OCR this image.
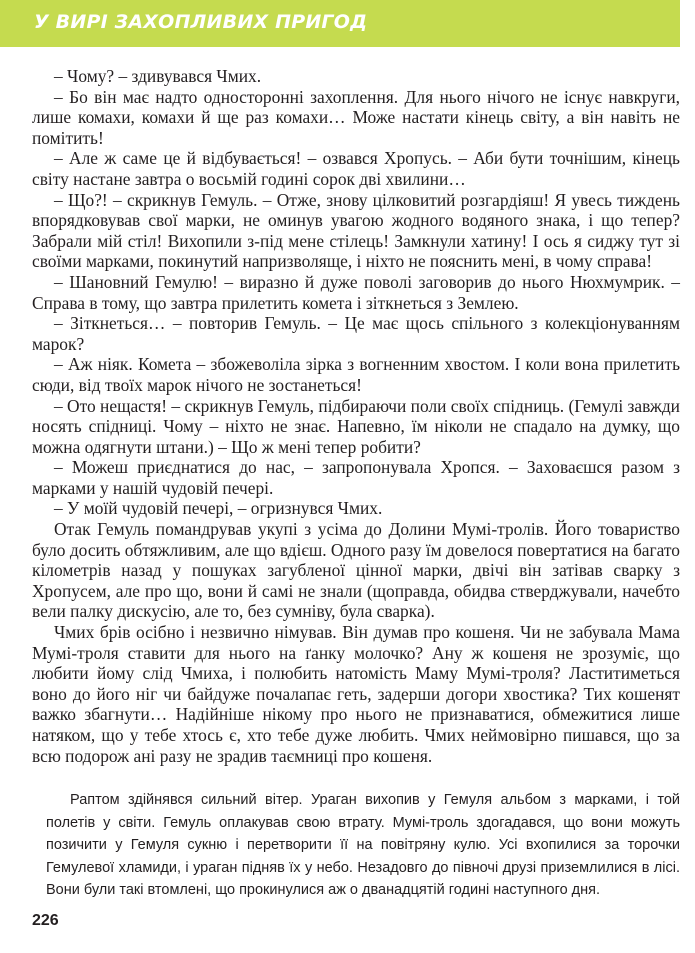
У ВИРІ ЗАХОПЛИВИХ ПРИГОД

– Чому? – здивувався Чмих.

– Бо він має надто односторонні захоплення. Для нього нічого не існує навкруги, лише комахи, комахи й ще раз комахи… Може настати кінець світу, а він навіть не помітить!

– Але ж саме це й відбувається! – озвався Хропусь. – Аби бути точнішим, кінець світу настане завтра о восьмій годині сорок дві хвилини…

– Що?! – скрикнув Гемуль. – Отже, знову цілковитий розгардіяш! Я увесь тиждень впорядковував свої марки, не оминув увагою жодного водяного знака, і що тепер? Забрали мій стіл! Вихопили з-під мене стілець! Замкнули хатину! І ось я сиджу тут зі своїми марками, покинутий напризволяще, і ніхто не пояснить мені, в чому справа!

– Шановний Гемулю! – виразно й дуже поволі заговорив до нього Нюхмумрик. – Справа в тому, що завтра прилетить комета і зіткнеться з Землею.

– Зіткнеться… – повторив Гемуль. – Це має щось спільного з колекціонуванням марок?

– Аж ніяк. Комета – збожеволіла зірка з вогненним хвостом. І коли вона прилетить сюди, від твоїх марок нічого не зостанеться!

– Ото нещастя! – скрикнув Гемуль, підбираючи поли своїх спідниць. (Гемулі завжди носять спідниці. Чому – ніхто не знає. Напевно, їм ніколи не спадало на думку, що можна одягнути штани.) – Що ж мені тепер робити?

– Можеш приєднатися до нас, – запропонувала Хропся. – Заховаєшся разом з марками у нашій чудовій печері.

– У моїй чудовій печері, – огризнувся Чмих.

Отак Гемуль помандрував укупі з усіма до Долини Мумі-тролів. Його товариство було досить обтяжливим, але що вдієш. Одного разу їм довелося повертатися на багато кілометрів назад у пошуках загубленої цінної марки, двічі він затівав сварку з Хропусем, але про що, вони й самі не знали (щоправда, обидва стверджували, начебто вели палку дискусію, але то, без сумніву, була сварка).

Чмих брів осібно і незвично німував. Він думав про кошеня. Чи не забувала Мама Мумі-троля ставити для нього на ґанку молочко? Ану ж кошеня не зрозуміє, що любити йому слід Чмиха, і полюбить натомість Маму Мумі-троля? Ластитиметься воно до його ніг чи байдуже почалапає геть, задерши догори хвостика? Тих кошенят важко збагнути… Надійніше нікому про нього не признаватися, обмежитися лише натяком, що у тебе хтось є, хто тебе дуже любить. Чмих неймовірно пишався, що за всю подорож ані разу не зрадив таємниці про кошеня.

Раптом здійнявся сильний вітер. Ураган вихопив у Гемуля альбом з марками, і той полетів у світи. Гемуль оплакував свою втрату. Мумі-троль здогадався, що вони можуть позичити у Гемуля сукню і перетворити її на повітряну кулю. Усі вхопилися за торочки Гемулевої хламиди, і ураган підняв їх у небо. Незадовго до півночі друзі приземлилися в лісі. Вони були такі втомлені, що прокинулися аж о дванадцятій годині наступного дня.

226
